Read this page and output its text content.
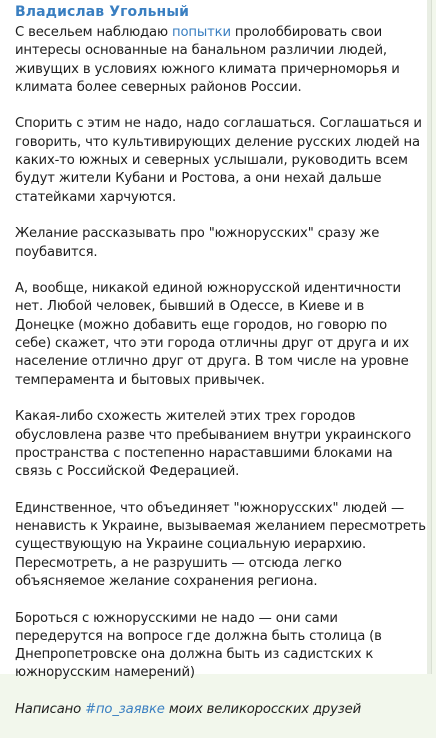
Владислав Угольный

С весельем наблюдаю попытки пролоббировать свои интересы основанные на банальном различии людей, живущих в условиях южного климата причерноморья и климата более северных районов России.

Спорить с этим не надо, надо соглашаться. Соглашаться и говорить, что культивирующих деление русских людей на каких-то южных и северных услышали, руководить всем будут жители Кубани и Ростова, а они нехай дальше статейками харчуются.

Желание рассказывать про "южнорусских" сразу же поубавится.

А, вообще, никакой единой южнорусской идентичности нет. Любой человек, бывший в Одессе, в Киеве и в Донецке (можно добавить еще городов, но говорю по себе) скажет, что эти города отличны друг от друга и их население отлично друг от друга. В том числе на уровне темперамента и бытовых привычек.

Какая-либо схожесть жителей этих трех городов обусловлена разве что пребыванием внутри украинского пространства с постепенно нараставшими блоками на связь с Российской Федерацией.

Единственное, что объединяет "южнорусских" людей — ненависть к Украине, вызываемая желанием пересмотреть существующую на Украине социальную иерархию. Пересмотреть, а не разрушить — отсюда легко объясняемое желание сохранения региона.

Бороться с южнорусскими не надо — они сами передерутся на вопросе где должна быть столица (в Днепропетровске она должна быть из садистских к южнорусским намерений)

Написано #по_заявке моих великоросских друзей
